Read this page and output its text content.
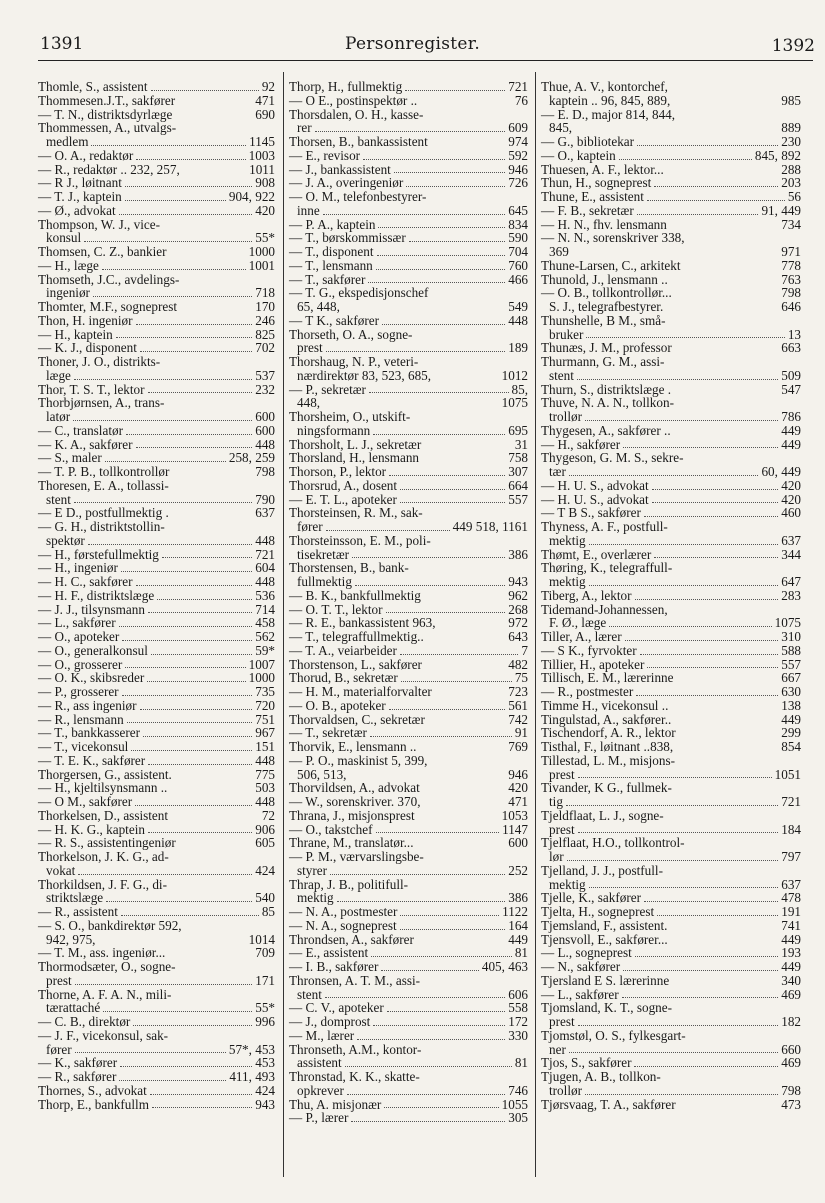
1391	Personregister.	1392
Thomle, S., assistent	92
Thommesen.J.T., sakfører	471
— T. N., distriktsdyrlæge	690
Thommessen, A., utvalgs-
medlem	1145
— O. A., redaktør	1003
— R., redaktør .. 232, 257,	1011
— R J., løitnant	908
— T. J., kaptein	904, 922
— Ø., advokat	420
Thompson, W. J., vice-
konsul	55*
Thomsen, C. Z., bankier	1000
— H., læge	1001
Thomseth, J.C., avdelings-
ingeniør	718
Thomter, M.F., sogneprest	170
Thon, H. ingeniør	246
— H., kaptein	825
— K. J., disponent	702
Thoner, J. O., distrikts-
læge	537
Thor, T. S. T., lektor	232
Thorbjørnsen, A., trans-
latør	600
— C., translatør	600
— K. A., sakfører	448
— S., maler	258, 259
— T. P. B., tollkontrollør	798
Thoresen, E. A., tollassi-
stent	790
— E D., postfullmektig .	637
— G. H., distriktstollin-
spektør	448
— H., førstefullmektig	721
— H., ingeniør	604
— H. C., sakfører	448
— H. F., distriktslæge	536
— J. J., tilsynsmann	714
— L., sakfører	458
— O., apoteker	562
— O., generalkonsul	59*
— O., grosserer	1007
— O. K., skibsreder	1000
— P., grosserer	735
— R., ass ingeniør	720
— R., lensmann	751
— T., bankkasserer	967
— T., vicekonsul	151
— T. E. K., sakfører	448
Thorgersen, G., assistent.	775
— H., kjeltilsynsmann ..	503
— O M., sakfører	448
Thorkelsen, D., assistent	72
— H. K. G., kaptein	906
— R. S., assistentingeniør	605
Thorkelson, J. K. G., ad-
vokat	424
Thorkildsen, J. F. G., di-
striktslæge	540
— R., assistent	85
— S. O., bankdirektør 592,
942, 975,	1014
— T. M., ass. ingeniør...	709
Thormodsæter, O., sogne-
prest	171
Thorne, A. F. A. N., mili-
tærattaché	55*
— C. B., direktør	996
— J. F., vicekonsul, sak-
fører	57*, 453
— K., sakfører	453
— R., sakfører	411, 493
Thornes, S., advokat	424
Thorp, E., bankfullm	943
Thorp, H., fullmektig	721
— O E., postinspektør ..	76
Thorsdalen, O. H., kasse-
rer	609
Thorsen, B., bankassistent	974
— E., revisor	592
— J., bankassistent	946
— J. A., overingeniør	726
— O. M., telefonbestyrer-
inne	645
— P. A., kaptein	834
— T., børskommissær	590
— T., disponent	704
— T., lensmann	760
— T., sakfører	466
— T. G., ekspedisjonschef
65, 448,	549
— T K., sakfører	448
Thorseth, O. A., sogne-
prest	189
Thorshaug, N. P., veteri-
nærdirektør 83, 523, 685,	1012
— P., sekretær	85,
448,	1075
Thorsheim, O., utskift-
ningsformann	695
Thorsholt, L. J., sekretær	31
Thorsland, H., lensmann	758
Thorson, P., lektor	307
Thorsrud, A., dosent	664
— E. T. L., apoteker	557
Thorsteinsen, R. M., sak-
fører	449 518, 1161
Thorsteinsson, E. M., poli-
tisekretær	386
Thorstensen, B., bank-
fullmektig	943
— B. K., bankfullmektig	962
— O. T. T., lektor	268
— R. E., bankassistent 963,	972
— T., telegraffullmektig..	643
— T. A., veiarbeider	7
Thorstenson, L., sakfører	482
Thorud, B., sekretær	75
— H. M., materialforvalter	723
— O. B., apoteker	561
Thorvaldsen, C., sekretær	742
— T., sekretær	91
Thorvik, E., lensmann ..	769
— P. O., maskinist 5, 399,
506, 513,	946
Thorvildsen, A., advokat	420
— W., sorenskriver. 370,	471
Thrana, J., misjonsprest	1053
— O., takstchef	1147
Thrane, M., translatør...	600
— P. M., værvarslingsbe-
styrer	252
Thrap, J. B., politifull-
mektig	386
— N. A., postmester	1122
— N. A., sogneprest	164
Throndsen, A., sakfører	449
— E., assistent	81
— I. B., sakfører	405, 463
Thronsen, A. T. M., assi-
stent	606
— C. V., apoteker	558
— J., domprost	172
— M., lærer	330
Thronseth, A.M., kontor-
assistent	81
Thronstad, K. K., skatte-
opkrever	746
Thu, A. misjonær	1055
— P., lærer	305
Thue, A. V., kontorchef,
kaptein .. 96, 845, 889,	985
— E. D., major 814, 844,
845,	889
— G., bibliotekar	230
— O., kaptein	845, 892
Thuesen, A. F., lektor...	288
Thun, H., sogneprest	203
Thune, E., assistent	56
— F. B., sekretær	91, 449
— H. N., fhv. lensmann	734
— N. N., sorenskriver 338,
369	971
Thune-Larsen, C., arkitekt	778
Thunold, J., lensmann ..	763
— O. B., tollkontrollør...	798
S. J., telegrafbestyrer.	646
Thunshelle, B M., små-
bruker	13
Thunæs, J. M., professor	663
Thurmann, G. M., assi-
stent	509
Thurn, S., distriktslæge .	547
Thuve, N. A. N., tollkon-
trollør	786
Thygesen, A., sakfører ..	449
— H., sakfører	449
Thygeson, G. M. S., sekre-
tær	60, 449
— H. U. S., advokat	420
— H. U. S., advokat	420
— T B S., sakfører	460
Thyness, A. F., postfull-
mektig	637
Thømt, E., overlærer	344
Thøring, K., telegraffull-
mektig	647
Tiberg, A., lektor	283
Tidemand-Johannessen,
F. Ø., læge	1075
Tiller, A., lærer	310
— S K., fyrvokter	588
Tillier, H., apoteker	557
Tillisch, E. M., lærerinne	667
— R., postmester	630
Timme H., vicekonsul ..	138
Tingulstad, A., sakfører..	449
Tischendorf, A. R., lektor	299
Tisthal, F., løitnant ..838,	854
Tillestad, L. M., misjons-
prest	1051
Tivander, K G., fullmek-
tig	721
Tjeldflaat, L. J., sogne-
prest	184
Tjelflaat, H.O., tollkontrol-
lør	797
Tjelland, J. J., postfull-
mektig	637
Tjelle, K., sakfører	478
Tjelta, H., sogneprest	191
Tjemsland, F., assistent.	741
Tjensvoll, E., sakfører...	449
— L., sogneprest	193
— N., sakfører	449
Tjersland E S. lærerinne	340
— L., sakfører	469
Tjomsland, K. T., sogne-
prest	182
Tjomstøl, O. S., fylkesgart-
ner	660
Tjos, S., sakfører	469
Tjugen, A. B., tollkon-
trollør	798
Tjørsvaag, T. A., sakfører	473
